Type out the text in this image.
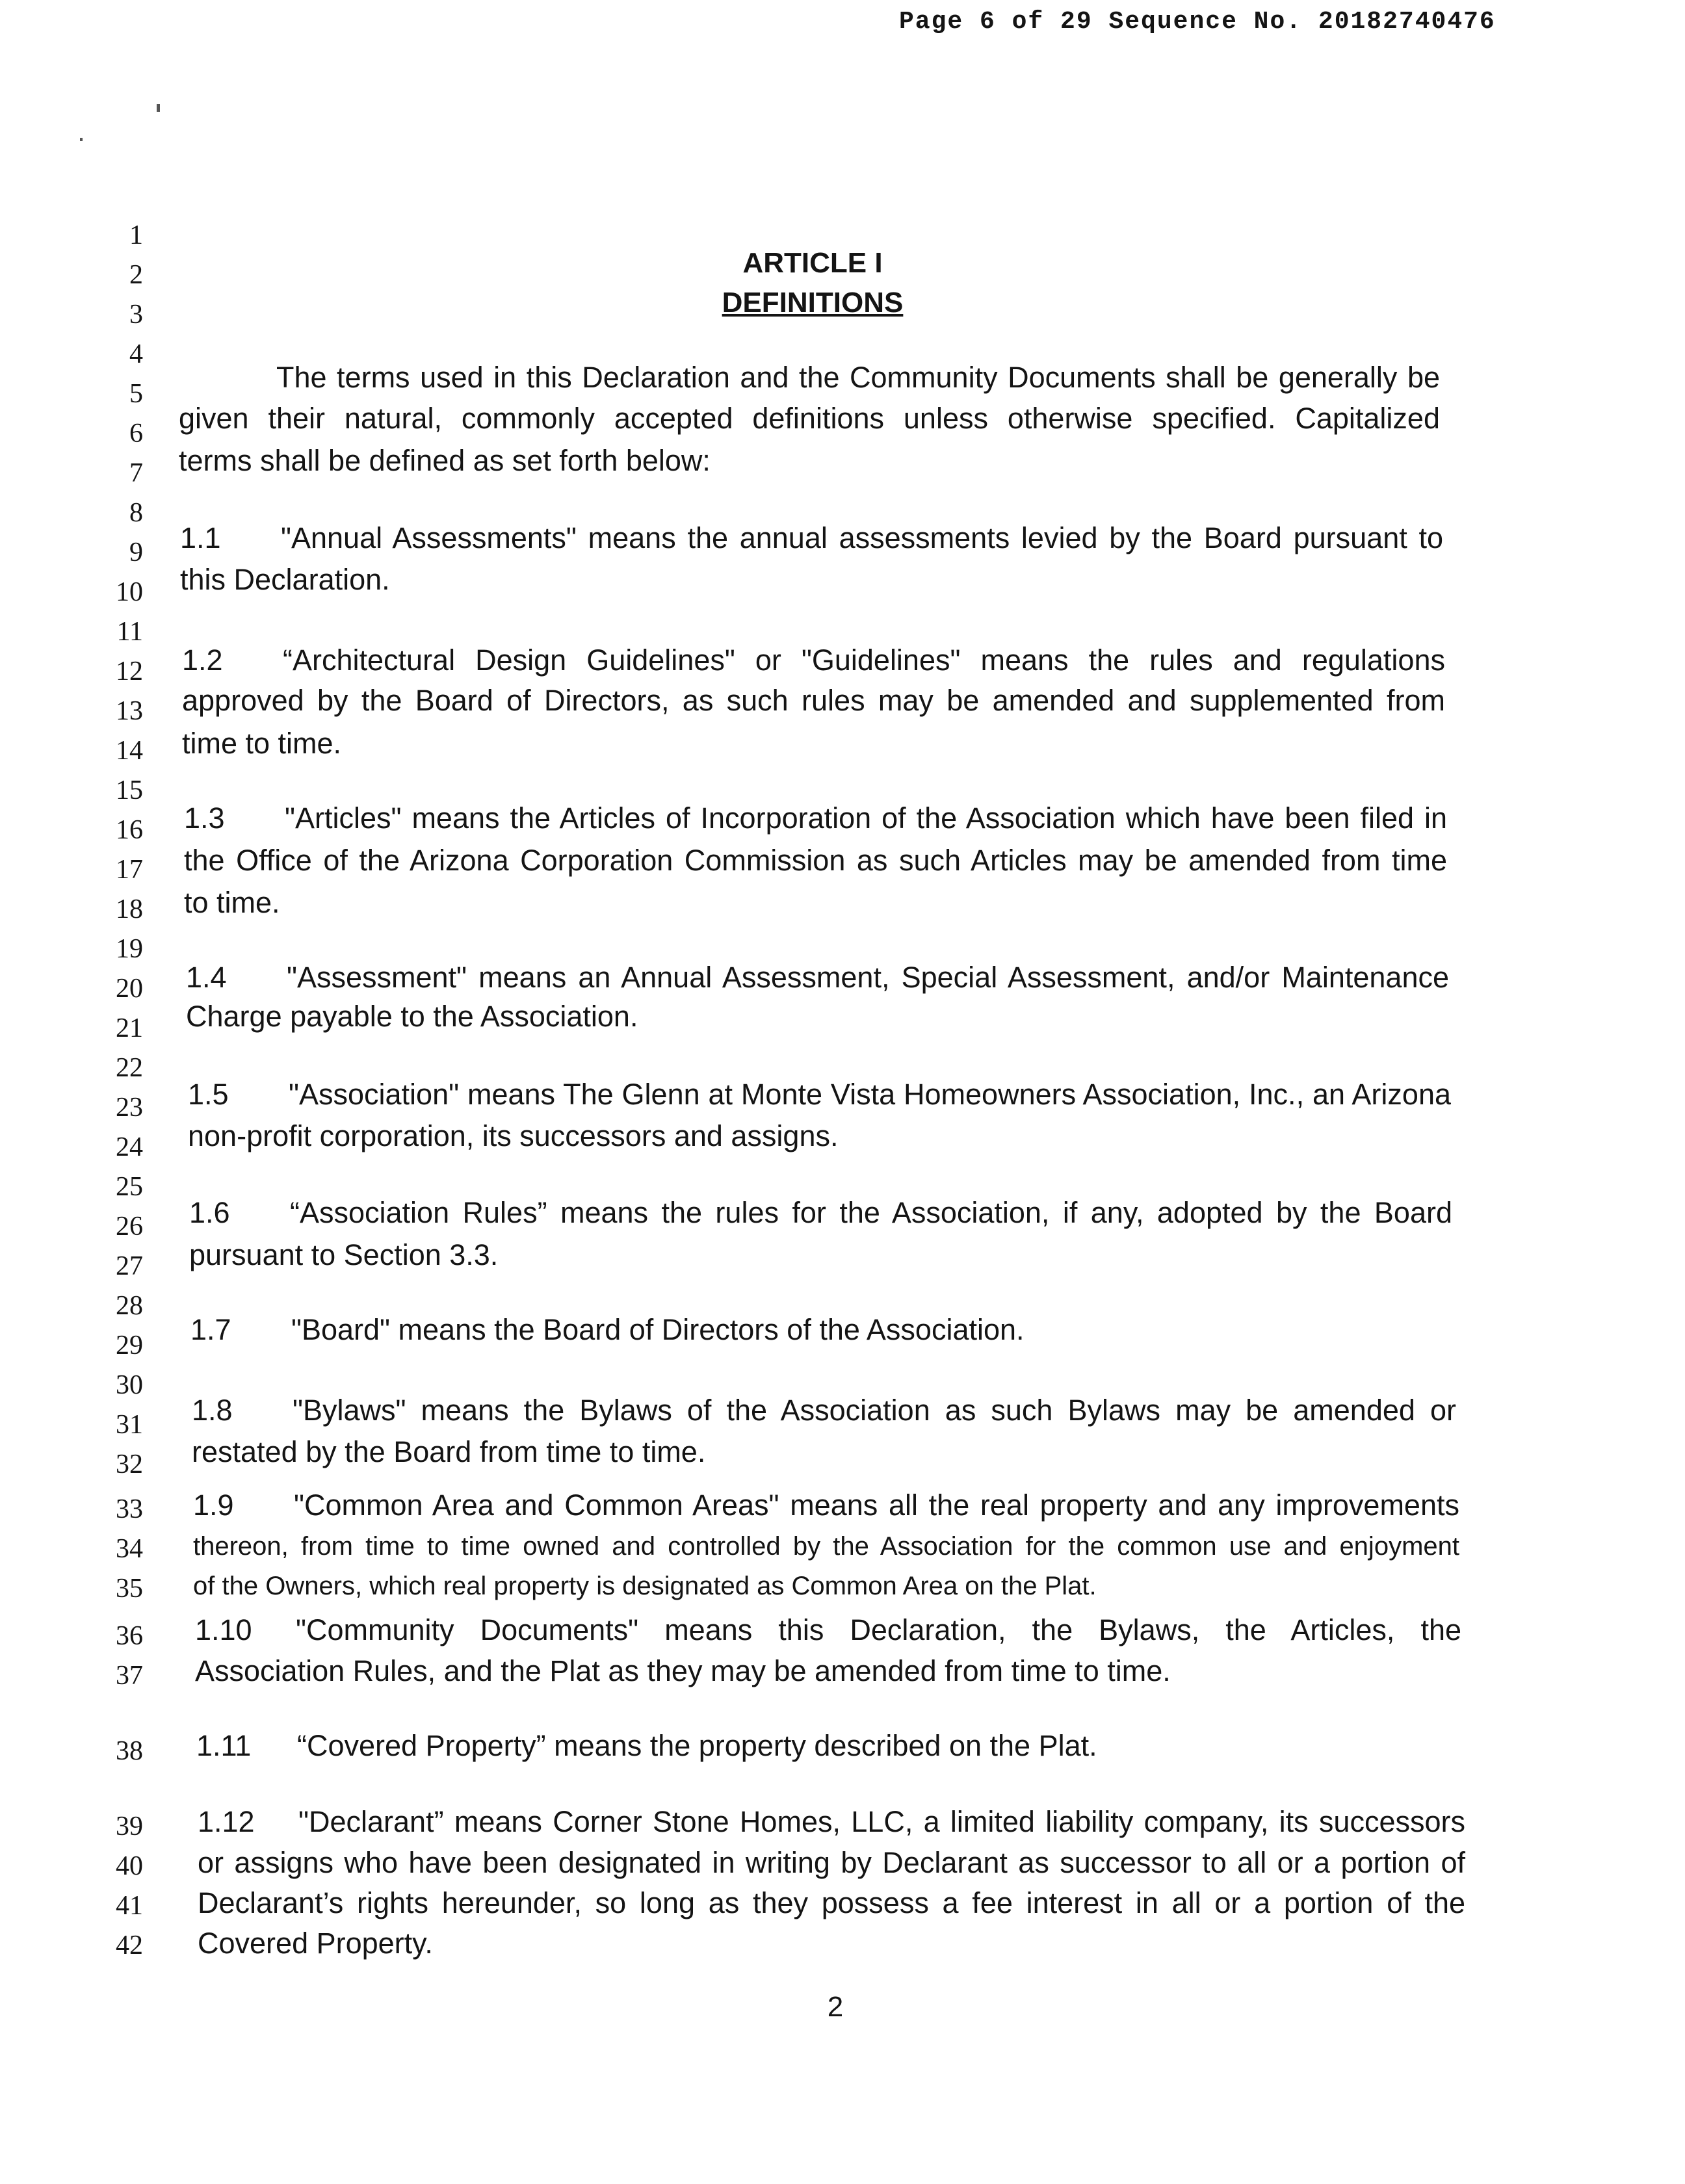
Page 6 of 29 Sequence No. 20182740476
1
2
3
4
5
6
7
8
9
10
11
12
13
14
15
16
17
18
19
20
21
22
23
24
25
26
27
28
29
30
31
32
33
34
35
36
37
38
39
40
41
42
ARTICLE I
DEFINITIONS
The terms used in this Declaration and the Community Documents shall be generally be
given their natural, commonly accepted definitions unless otherwise specified. Capitalized
terms shall be defined as set forth below:
1.1	"Annual Assessments" means the annual assessments levied by the Board pursuant to
this Declaration.
1.2	“Architectural Design Guidelines" or "Guidelines" means the rules and regulations
approved by the Board of Directors, as such rules may be amended and supplemented from
time to time.
1.3	"Articles" means the Articles of Incorporation of the Association which have been filed in
the Office of the Arizona Corporation Commission as such Articles may be amended from time
to time.
1.4	"Assessment" means an Annual Assessment, Special Assessment, and/or Maintenance
Charge payable to the Association.
1.5	"Association" means The Glenn at Monte Vista Homeowners Association, Inc., an Arizona
non-profit corporation, its successors and assigns.
1.6	“Association Rules” means the rules for the Association, if any, adopted by the Board
pursuant to Section 3.3.
1.7 "Board" means the Board of Directors of the Association.
1.8	"Bylaws" means the Bylaws of the Association as such Bylaws may be amended or
restated by the Board from time to time.
1.9	"Common Area and Common Areas" means all the real property and any improvements
thereon, from time to time owned and controlled by the Association for the common use and enjoyment
of the Owners, which real property is designated as Common Area on the Plat.
1.10	"Community Documents" means this Declaration, the Bylaws, the Articles, the
Association Rules, and the Plat as they may be amended from time to time.
1.11 “Covered Property” means the property described on the Plat.
1.12	"Declarant” means Corner Stone Homes, LLC, a limited liability company, its successors
or assigns who have been designated in writing by Declarant as successor to all or a portion of
Declarant’s rights hereunder, so long as they possess a fee interest in all or a portion of the
Covered Property.
2
